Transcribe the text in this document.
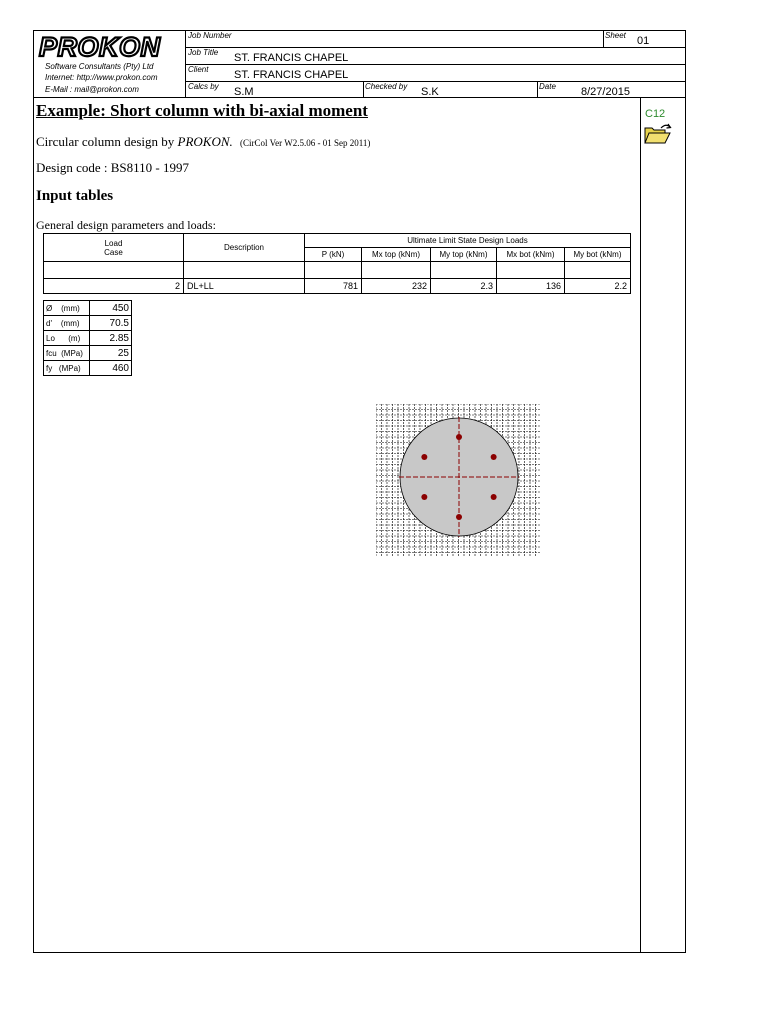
PROKON
Software Consultants (Pty) Ltd
Internet: http://www.prokon.com
E-Mail : mail@prokon.com
Job Number	Sheet 01
Job Title ST. FRANCIS CHAPEL
Client ST. FRANCIS CHAPEL
Calcs by S.M	Checked by S.K	Date 8/27/2015
Example: Short column with bi-axial moment
Circular column design by PROKON. (CirCol Ver W2.5.06 - 01 Sep 2011)
Design code : BS8110 - 1997
Input tables
General design parameters and loads:
C12
Load
Case	Description	Ultimate Limit State Design Loads				
		P (kN)	Mx top (kNm)	My top (kNm)	Mx bot (kNm)	My bot (kNm)

2	DL+LL	781	232	2.3	136	2.2
Ø (mm)	450
d' (mm)	70.5
Lo (m)	2.85
fcu (MPa)	25
fy (MPa)	460
